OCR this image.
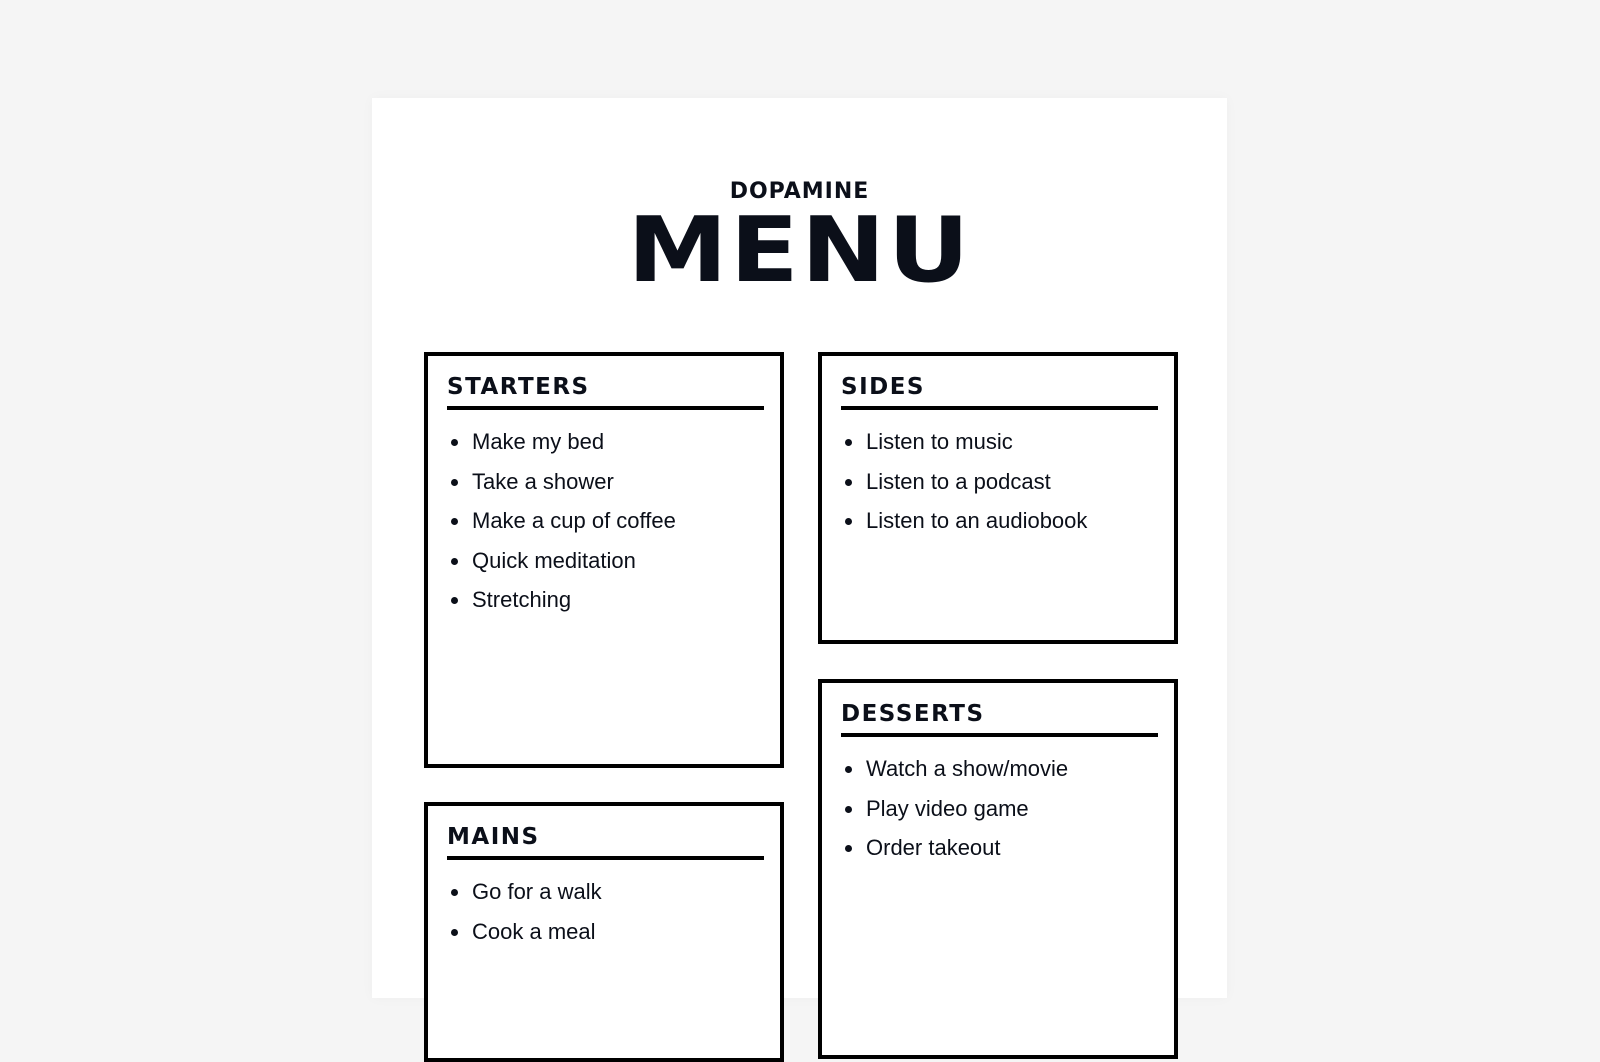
DOPAMINE
MENU
STARTERS
Make my bed
Take a shower
Make a cup of coffee
Quick meditation
Stretching
SIDES
Listen to music
Listen to a podcast
Listen to an audiobook
MAINS
Go for a walk
Cook a meal
DESSERTS
Watch a show/movie
Play video game
Order takeout
